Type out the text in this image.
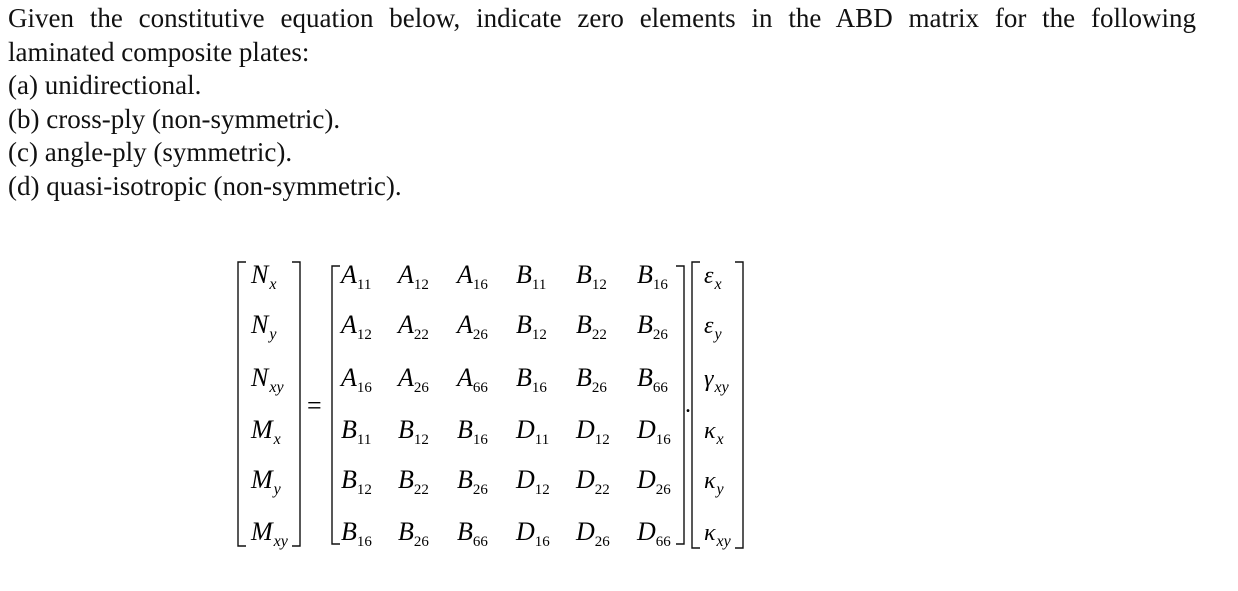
Given the constitutive equation below, indicate zero elements in the ABD matrix for the following
laminated composite plates:
(a) unidirectional.
(b) cross-ply (non-symmetric).
(c) angle-ply (symmetric).
(d) quasi-isotropic (non-symmetric).
=	.
Nx
Ny
Nxy
Mx
My
Mxy
A11 A12 A16 B11 B12 B16
A12 A22 A26 B12 B22 B26
A16 A26 A66 B16 B26 B66
B11 B12 B16 D11 D12 D16
B12 B22 B26 D12 D22 D26
B16 B26 B66 D16 D26 D66
εx
εy
γxy
κx
κy
κxy
